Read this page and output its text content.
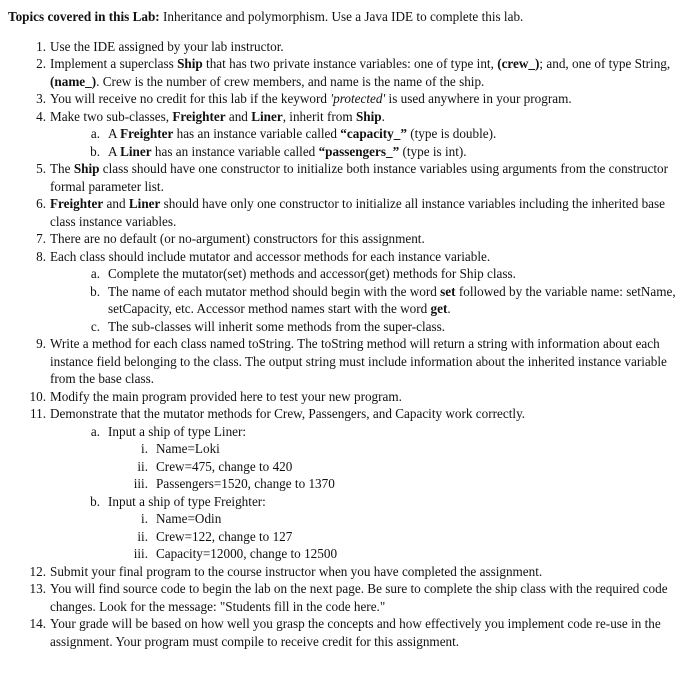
Topics covered in this Lab: Inheritance and polymorphism. Use a Java IDE to complete this lab.
1. Use the IDE assigned by your lab instructor.
2. Implement a superclass Ship that has two private instance variables: one of type int, (crew_); and, one of type String, (name_). Crew is the number of crew members, and name is the name of the ship.
3. You will receive no credit for this lab if the keyword 'protected' is used anywhere in your program.
4. Make two sub-classes, Freighter and Liner, inherit from Ship.
a. A Freighter has an instance variable called “capacity_” (type is double).
b. A Liner has an instance variable called “passengers_” (type is int).
5. The Ship class should have one constructor to initialize both instance variables using arguments from the constructor formal parameter list.
6. Freighter and Liner should have only one constructor to initialize all instance variables including the inherited base class instance variables.
7. There are no default (or no-argument) constructors for this assignment.
8. Each class should include mutator and accessor methods for each instance variable.
a. Complete the mutator(set) methods and accessor(get) methods for Ship class.
b. The name of each mutator method should begin with the word set followed by the variable name: setName, setCapacity, etc. Accessor method names start with the word get.
c. The sub-classes will inherit some methods from the super-class.
9. Write a method for each class named toString. The toString method will return a string with information about each instance field belonging to the class. The output string must include information about the inherited instance variable from the base class.
10. Modify the main program provided here to test your new program.
11. Demonstrate that the mutator methods for Crew, Passengers, and Capacity work correctly.
a. Input a ship of type Liner:
i. Name=Loki
ii. Crew=475, change to 420
iii. Passengers=1520, change to 1370
b. Input a ship of type Freighter:
i. Name=Odin
ii. Crew=122, change to 127
iii. Capacity=12000, change to 12500
12. Submit your final program to the course instructor when you have completed the assignment.
13. You will find source code to begin the lab on the next page. Be sure to complete the ship class with the required code changes. Look for the message: "Students fill in the code here."
14. Your grade will be based on how well you grasp the concepts and how effectively you implement code re-use in the assignment. Your program must compile to receive credit for this assignment.
